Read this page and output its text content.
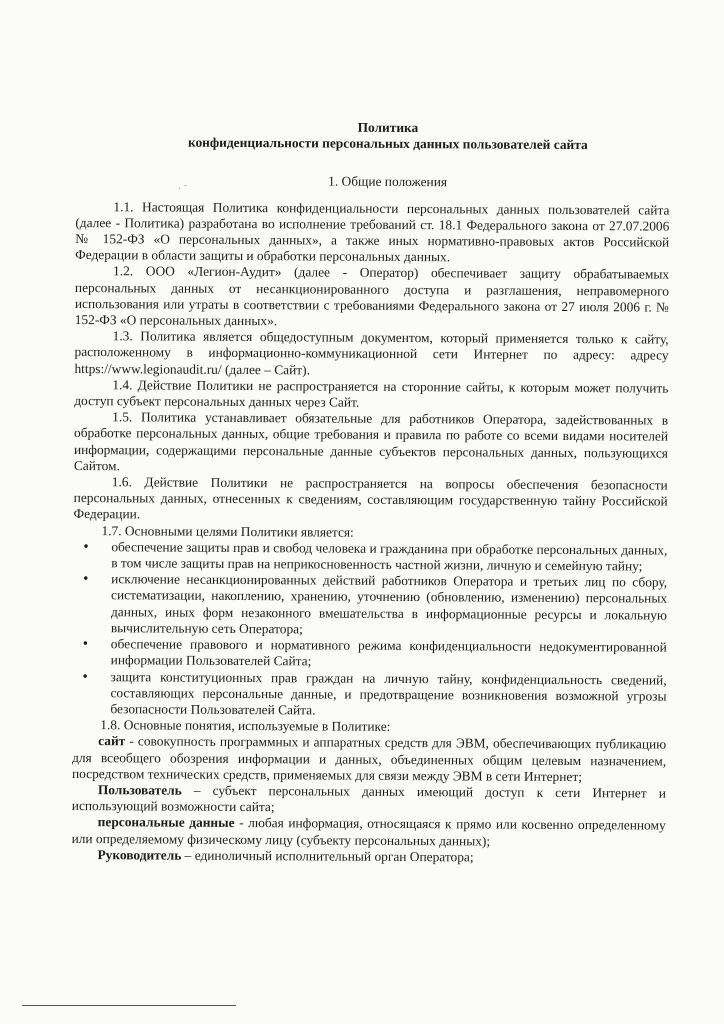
· ˜
Политика
конфиденциальности персональных данных пользователей сайта
1. Общие положения

1.1. Настоящая Политика конфиденциальности персональных данных пользователей сайта (далее - Политика) разработана во исполнение требований ст. 18.1 Федерального закона от 27.07.2006 № 152-ФЗ «О персональных данных», а также иных нормативно-правовых актов Российской Федерации в области защиты и обработки персональных данных.

1.2. ООО «Легион-Аудит» (далее - Оператор) обеспечивает защиту обрабатываемых персональных данных от несанкционированного доступа и разглашения, неправомерного использования или утраты в соответствии с требованиями Федерального закона от 27 июля 2006 г. № 152-ФЗ «О персональных данных».

1.3. Политика является общедоступным документом, который применяется только к сайту, расположенному в информационно-коммуникационной сети Интернет по адресу: адресу https://www.legionaudit.ru/ (далее – Сайт).

1.4. Действие Политики не распространяется на сторонние сайты, к которым может получить доступ субъект персональных данных через Сайт.

1.5. Политика устанавливает обязательные для работников Оператора, задействованных в обработке персональных данных, общие требования и правила по работе со всеми видами носителей информации, содержащими персональные данные субъектов персональных данных, пользующихся Сайтом.

1.6. Действие Политики не распространяется на вопросы обеспечения безопасности персональных данных, отнесенных к сведениям, составляющим государственную тайну Российской Федерации.

1.7. Основными целями Политики является:

• обеспечение защиты прав и свобод человека и гражданина при обработке персональных данных, в том числе защиты прав на неприкосновенность частной жизни, личную и семейную тайну;
• исключение несанкционированных действий работников Оператора и третьих лиц по сбору, систематизации, накоплению, хранению, уточнению (обновлению, изменению) персональных данных, иных форм незаконного вмешательства в информационные ресурсы и локальную вычислительную сеть Оператора;
• обеспечение правового и нормативного режима конфиденциальности недокументированной информации Пользователей Сайта;
• защита конституционных прав граждан на личную тайну, конфиденциальность сведений, составляющих персональные данные, и предотвращение возникновения возможной угрозы безопасности Пользователей Сайта.

1.8. Основные понятия, используемые в Политике:

сайт - совокупность программных и аппаратных средств для ЭВМ, обеспечивающих публикацию для всеобщего обозрения информации и данных, объединенных общим целевым назначением, посредством технических средств, применяемых для связи между ЭВМ в сети Интернет;

Пользователь – субъект персональных данных имеющий доступ к сети Интернет и использующий возможности сайта;

персональные данные - любая информация, относящаяся к прямо или косвенно определенному или определяемому физическому лицу (субъекту персональных данных);

Руководитель – единоличный исполнительный орган Оператора;
